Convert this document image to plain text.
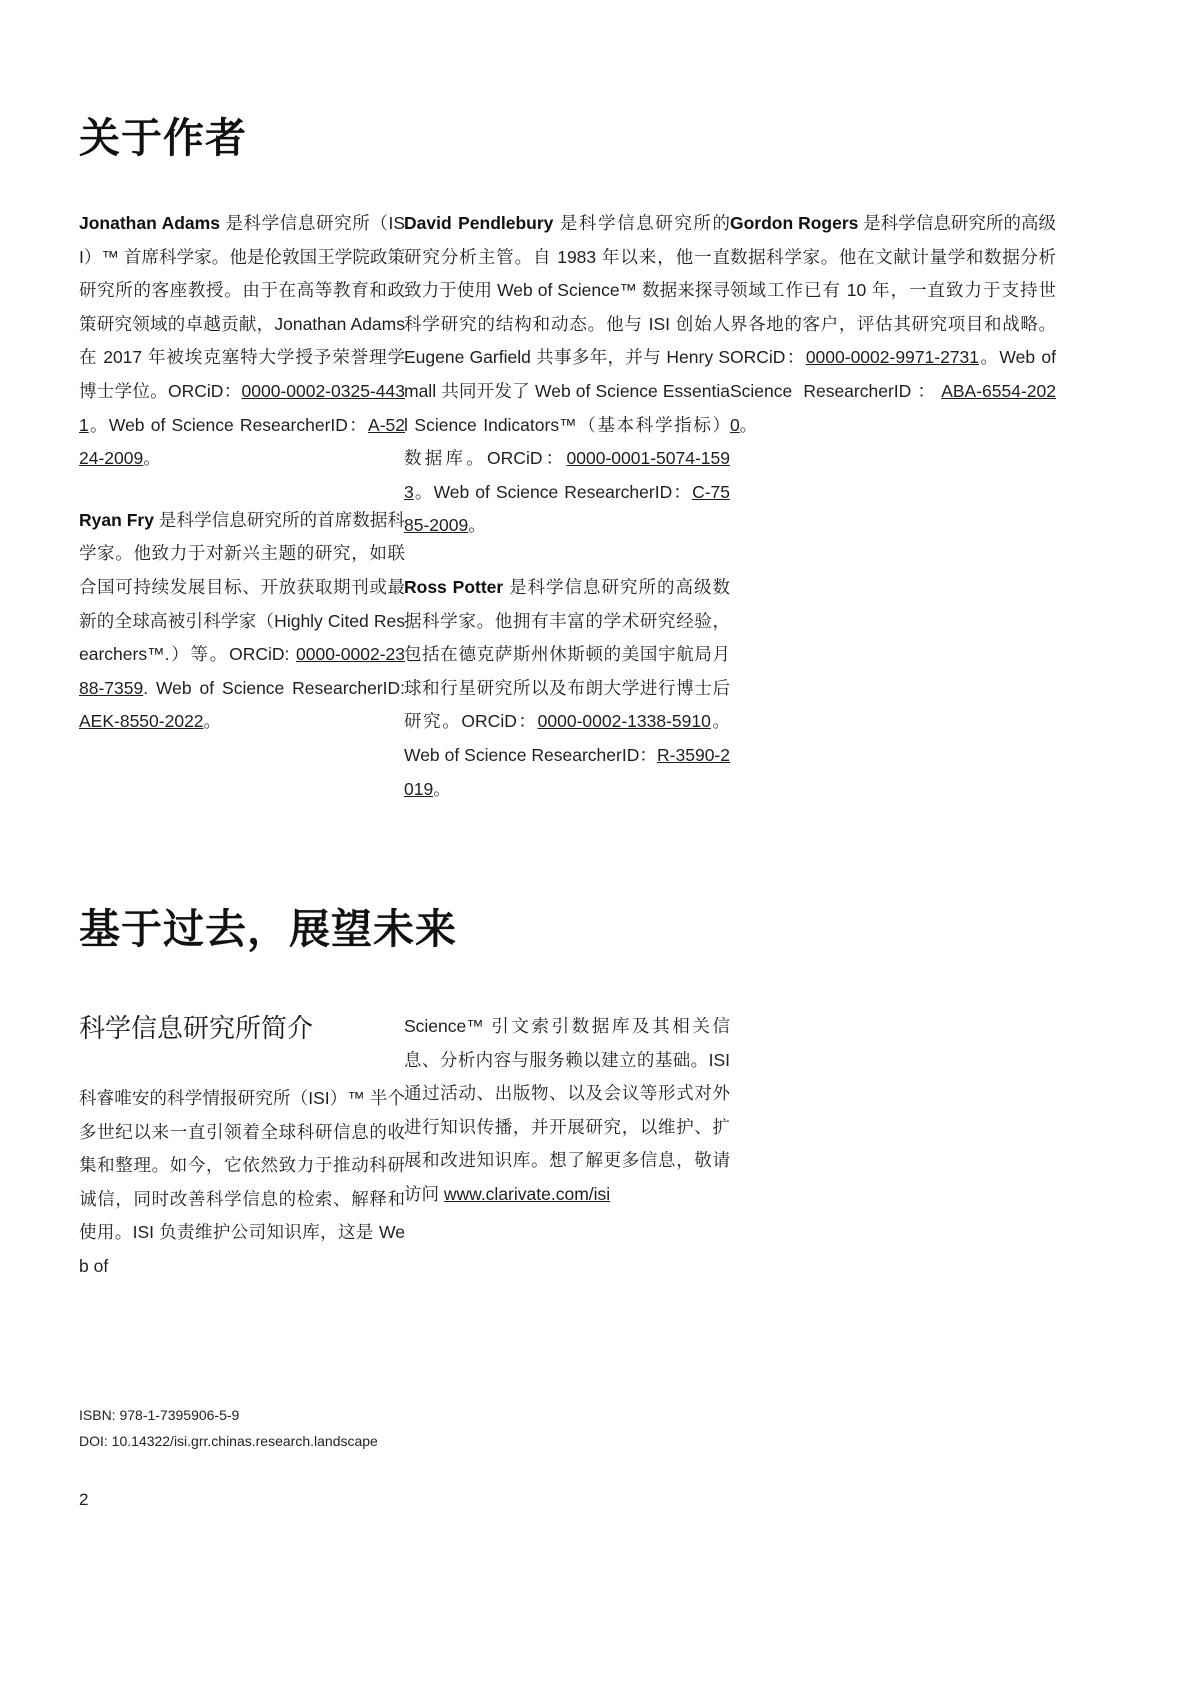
关于作者

Jonathan Adams 是科学信息研究所（ISI）™ 首席科学家。他是伦敦国王学院政策研究所的客座教授。由于在高等教育和政策研究领域的卓越贡献，Jonathan Adams 在 2017 年被埃克塞特大学授予荣誉理学博士学位。ORCiD：0000-0002-0325-4431。Web of Science ResearcherID：A-5224-2009。

Ryan Fry 是科学信息研究所的首席数据科学家。他致力于对新兴主题的研究，如联合国可持续发展目标、开放获取期刊或最新的全球高被引科学家（Highly Cited Researchers™.）等。ORCiD: 0000-0002-2388-7359. Web of Science ResearcherID: AEK-8550-2022。

David Pendlebury 是科学信息研究所的研究分析主管。自 1983 年以来，他一直致力于使用 Web of Science™ 数据来探寻科学研究的结构和动态。他与 ISI 创始人 Eugene Garfield 共事多年，并与 Henry Small 共同开发了 Web of Science Essential Science Indicators™（基本科学指标）数据库。ORCiD：0000-0001-5074-1593。Web of Science ResearcherID：C-7585-2009。

Ross Potter 是科学信息研究所的高级数据科学家。他拥有丰富的学术研究经验，包括在德克萨斯州休斯顿的美国宇航局月球和行星研究所以及布朗大学进行博士后研究。ORCiD：0000-0002-1338-5910。Web of Science ResearcherID：R-3590-2019。

Gordon Rogers 是科学信息研究所的高级数据科学家。他在文献计量学和数据分析领域工作已有 10 年，一直致力于支持世界各地的客户，评估其研究项目和战略。ORCiD：0000-0002-9971-2731。Web of Science ResearcherID：ABA-6554-2020。

基于过去，展望未来
科学信息研究所简介

科睿唯安的科学情报研究所（ISI）™ 半个多世纪以来一直引领着全球科研信息的收集和整理。如今，它依然致力于推动科研诚信，同时改善科学信息的检索、解释和使用。ISI 负责维护公司知识库，这是 Web of

Science™ 引文索引数据库及其相关信息、分析内容与服务赖以建立的基础。ISI 通过活动、出版物、以及会议等形式对外进行知识传播，并开展研究，以维护、扩展和改进知识库。想了解更多信息，敬请访问 www.clarivate.com/isi

ISBN: 978-1-7395906-5-9
DOI: 10.14322/isi.grr.chinas.research.landscape
2
